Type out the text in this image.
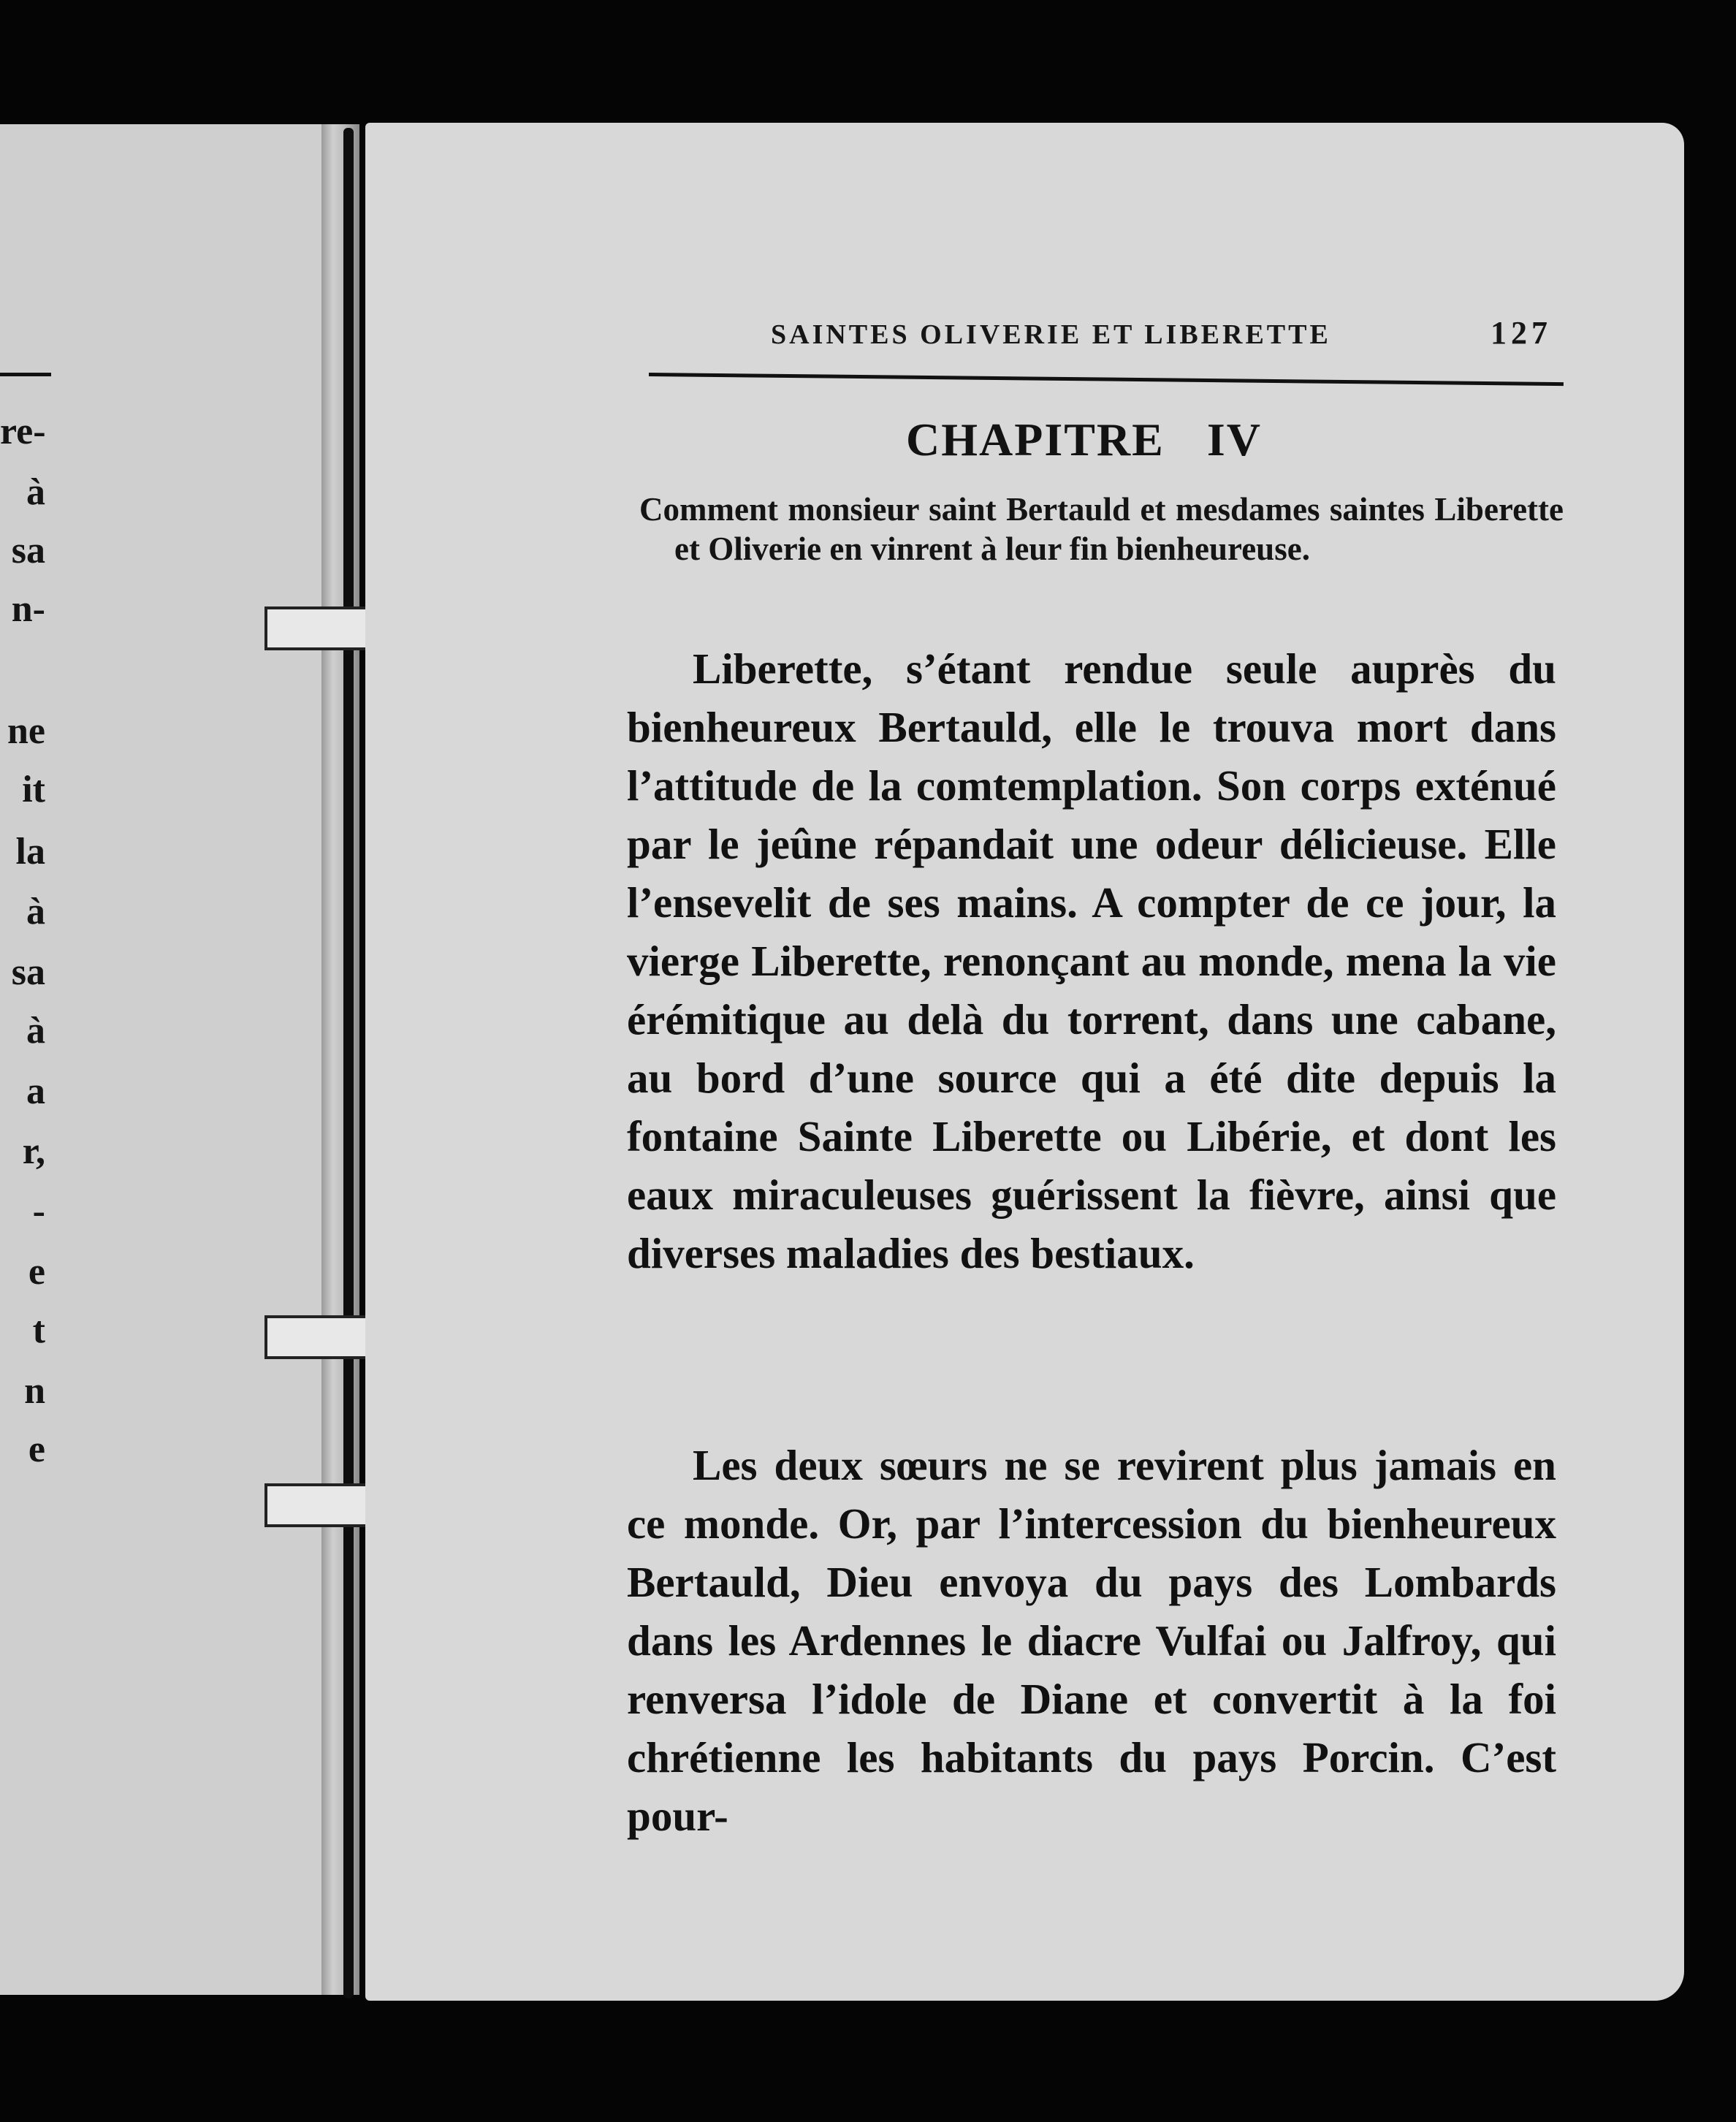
re-
à
sa
n-
ne
it
la
à
sa
à
a
r,
-
e
t
n
e
SAINTES OLIVERIE ET LIBERETTE	127
CHAPITRE IV
Comment monsieur saint Bertauld et mesdames saintes Liberette et Oliverie en vinrent à leur fin bienheureuse.

Liberette, s’étant rendue seule auprès du bienheureux Bertauld, elle le trouva mort dans l’attitude de la comtemplation. Son corps exténué par le jeûne répandait une odeur délicieuse. Elle l’ensevelit de ses mains. A compter de ce jour, la vierge Liberette, renonçant au monde, mena la vie érémitique au delà du torrent, dans une cabane, au bord d’une source qui a été dite depuis la fontaine Sainte Liberette ou Libérie, et dont les eaux miraculeuses guérissent la fièvre, ainsi que diverses maladies des bestiaux.

Les deux sœurs ne se revirent plus jamais en ce monde. Or, par l’intercession du bienheureux Bertauld, Dieu envoya du pays des Lombards dans les Ardennes le diacre Vulfai ou Jalfroy, qui renversa l’idole de Diane et convertit à la foi chrétienne les habitants du pays Porcin. C’est pour-
